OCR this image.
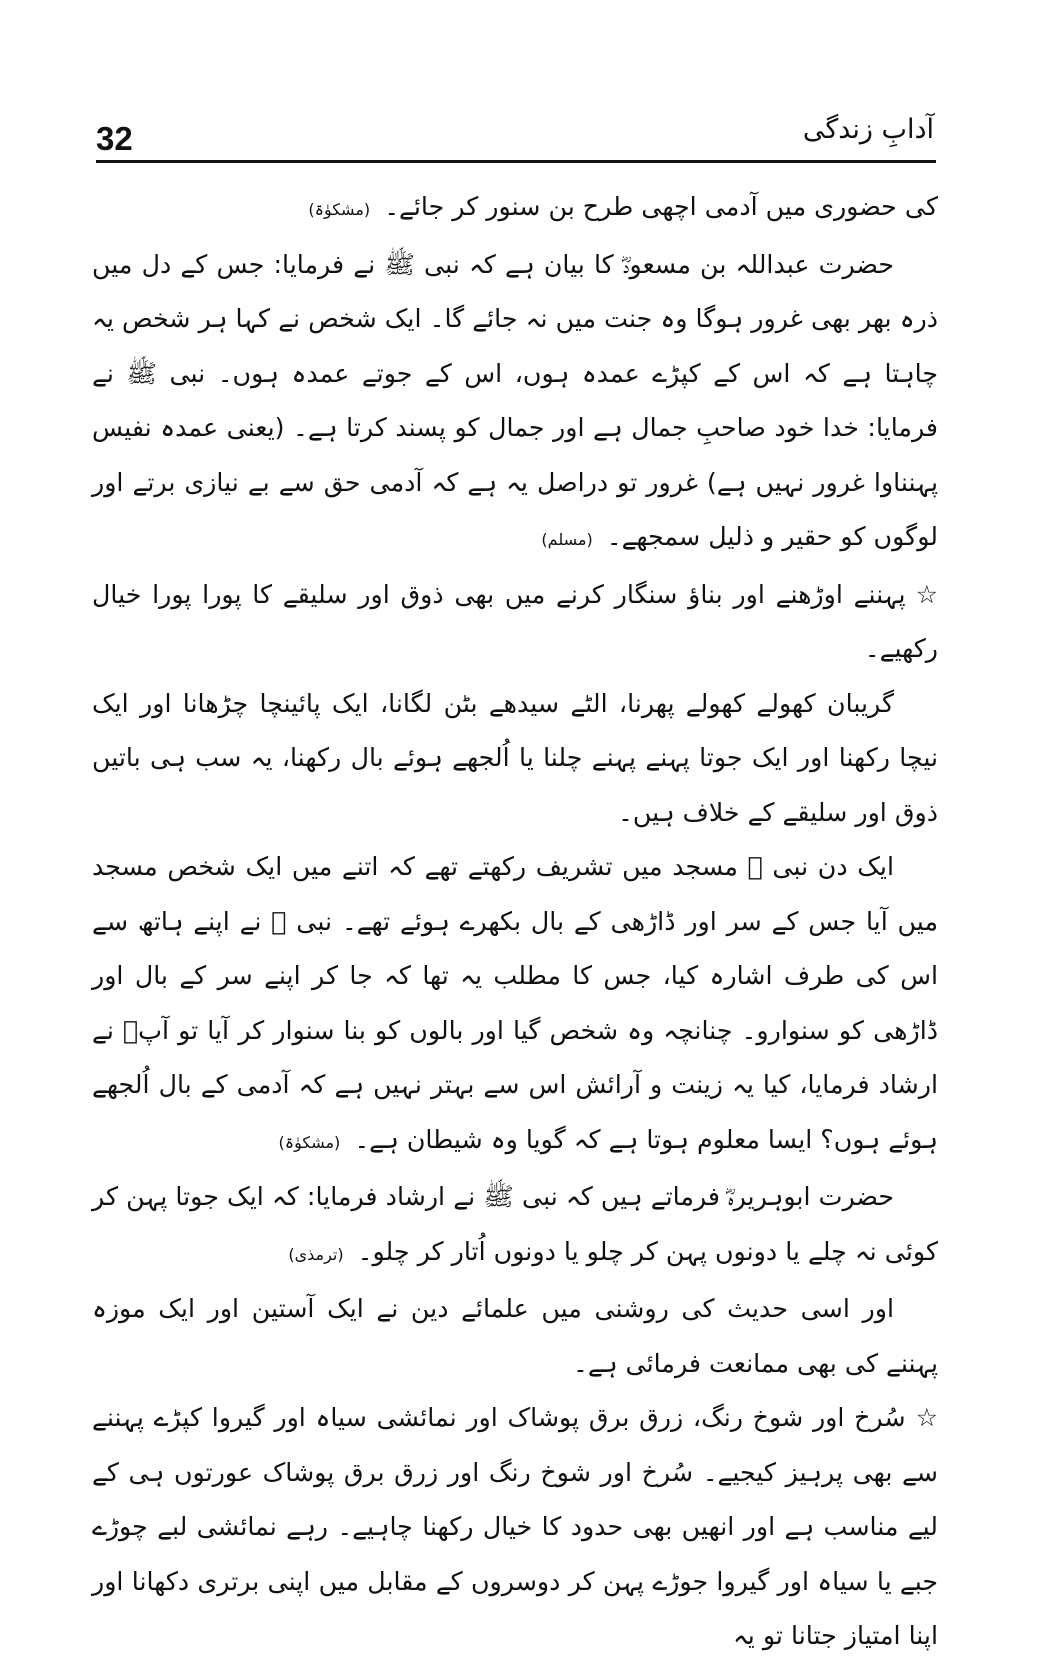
32	آدابِ زندگی

کی حضوری میں آدمی اچھی طرح بن سنور کر جائے۔ (مشکوٰۃ)

حضرت عبداللہ بن مسعودؓ کا بیان ہے کہ نبی ﷺ نے فرمایا: جس کے دل میں ذرہ بھر بھی غرور ہوگا وہ جنت میں نہ جائے گا۔ ایک شخص نے کہا ہر شخص یہ چاہتا ہے کہ اس کے کپڑے عمدہ ہوں، اس کے جوتے عمدہ ہوں۔ نبی ﷺ نے فرمایا: خدا خود صاحبِ جمال ہے اور جمال کو پسند کرتا ہے۔ (یعنی عمدہ نفیس پہنناوا غرور نہیں ہے) غرور تو دراصل یہ ہے کہ آدمی حق سے بے نیازی برتے اور لوگوں کو حقیر و ذلیل سمجھے۔ (مسلم)

☆پہننے اوڑھنے اور بناؤ سنگار کرنے میں بھی ذوق اور سلیقے کا پورا پورا خیال رکھیے۔

گریبان کھولے کھولے پھرنا، الٹے سیدھے بٹن لگانا، ایک پائینچا چڑھانا اور ایک نیچا رکھنا اور ایک جوتا پہنے پہنے چلنا یا اُلجھے ہوئے بال رکھنا، یہ سب ہی باتیں ذوق اور سلیقے کے خلاف ہیں۔

ایک دن نبی ﷺ مسجد میں تشریف رکھتے تھے کہ اتنے میں ایک شخص مسجد میں آیا جس کے سر اور ڈاڑھی کے بال بکھرے ہوئے تھے۔ نبی ﷺ نے اپنے ہاتھ سے اس کی طرف اشارہ کیا، جس کا مطلب یہ تھا کہ جا کر اپنے سر کے بال اور ڈاڑھی کو سنوارو۔ چنانچہ وہ شخص گیا اور بالوں کو بنا سنوار کر آیا تو آپؐ نے ارشاد فرمایا، کیا یہ زینت و آرائش اس سے بہتر نہیں ہے کہ آدمی کے بال اُلجھے ہوئے ہوں؟ ایسا معلوم ہوتا ہے کہ گویا وہ شیطان ہے۔ (مشکوٰۃ)

حضرت ابوہریرہؓ فرماتے ہیں کہ نبی ﷺ نے ارشاد فرمایا: کہ ایک جوتا پہن کر کوئی نہ چلے یا دونوں پہن کر چلو یا دونوں اُتار کر چلو۔ (ترمذی)

اور اسی حدیث کی روشنی میں علمائے دین نے ایک آستین اور ایک موزہ پہننے کی بھی ممانعت فرمائی ہے۔

☆سُرخ اور شوخ رنگ، زرق برق پوشاک اور نمائشی سیاہ اور گیروا کپڑے پہننے سے بھی پرہیز کیجیے۔ سُرخ اور شوخ رنگ اور زرق برق پوشاک عورتوں ہی کے لیے مناسب ہے اور انھیں بھی حدود کا خیال رکھنا چاہیے۔ رہے نمائشی لبے چوڑے جبے یا سیاہ اور گیروا جوڑے پہن کر دوسروں کے مقابل میں اپنی برتری دکھانا اور اپنا امتیاز جتانا تو یہ
